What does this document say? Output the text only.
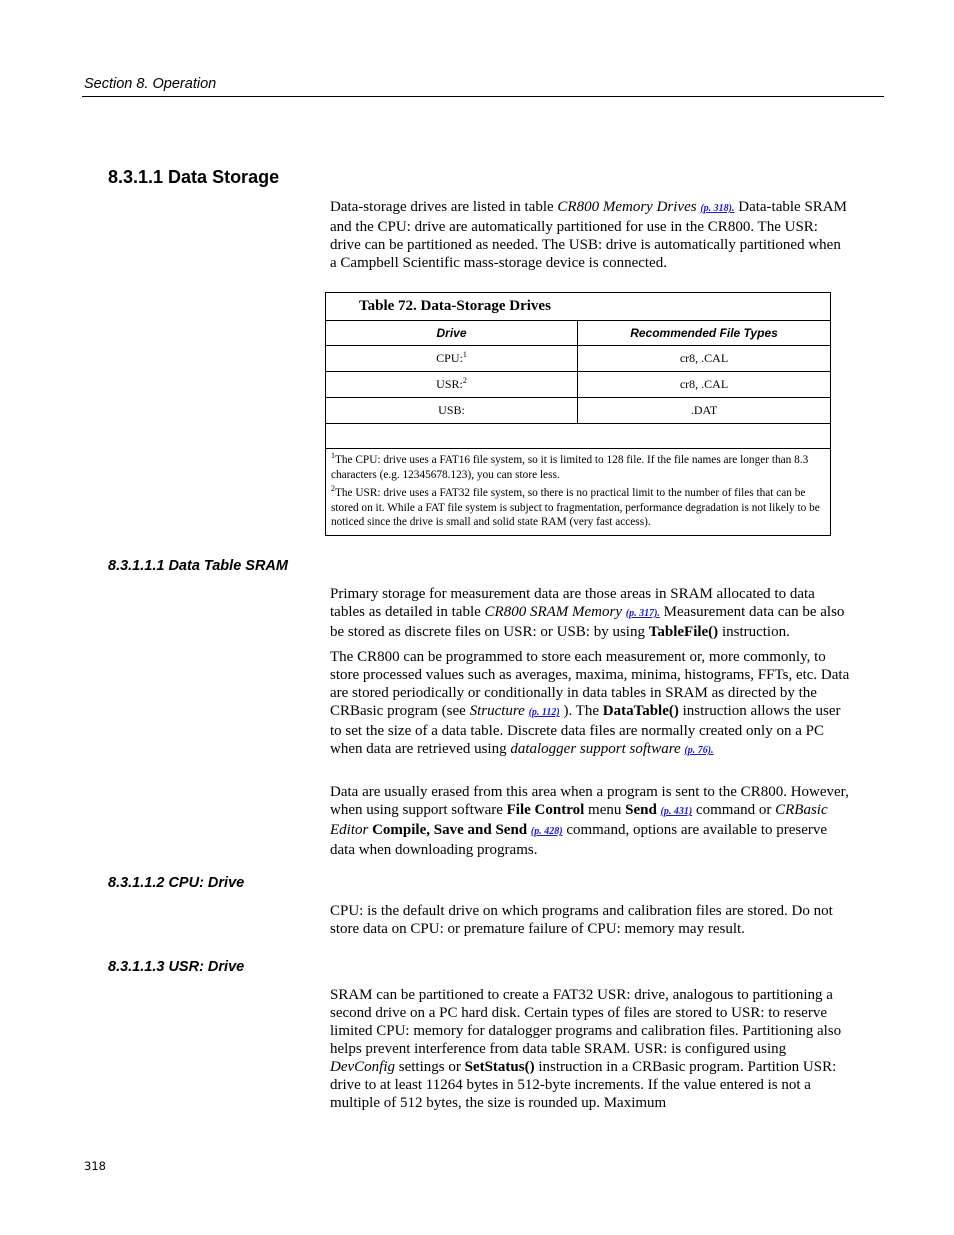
Section 8. Operation
8.3.1.1 Data Storage

Data-storage drives are listed in table CR800 Memory Drives (p. 318). Data-table SRAM and the CPU: drive are automatically partitioned for use in the CR800. The USR: drive can be partitioned as needed. The USB: drive is automatically partitioned when a Campbell Scientific mass-storage device is connected.

Table 72. Data-Storage Drives	
Drive	Recommended File Types
CPU:$^1$	cr8, .CAL
USR:$^2$	cr8, .CAL
USB:	.DAT

$^1$The CPU: drive uses a FAT16 file system, so it is limited to 128 file. If the file names are longer than 8.3 characters (e.g. 12345678.123), you can store less.

$^2$The USR: drive uses a FAT32 file system, so there is no practical limit to the number of files that can be stored on it. While a FAT file system is subject to fragmentation, performance degradation is not likely to be noticed since the drive is small and solid state RAM (very fast access).	

8.3.1.1.1 Data Table SRAM

Primary storage for measurement data are those areas in SRAM allocated to data tables as detailed in table CR800 SRAM Memory (p. 317). Measurement data can be also be stored as discrete files on USR: or USB: by using TableFile() instruction.

The CR800 can be programmed to store each measurement or, more commonly, to store processed values such as averages, maxima, minima, histograms, FFTs, etc. Data are stored periodically or conditionally in data tables in SRAM as directed by the CRBasic program (see Structure (p. 112) ). The DataTable() instruction allows the user to set the size of a data table. Discrete data files are normally created only on a PC when data are retrieved using datalogger support software (p. 76).

Data are usually erased from this area when a program is sent to the CR800. However, when using support software File Control menu Send (p. 431) command or CRBasic Editor Compile, Save and Send (p. 428) command, options are available to preserve data when downloading programs.

8.3.1.1.2 CPU: Drive

CPU: is the default drive on which programs and calibration files are stored. Do not store data on CPU: or premature failure of CPU: memory may result.

8.3.1.1.3 USR: Drive

SRAM can be partitioned to create a FAT32 USR: drive, analogous to partitioning a second drive on a PC hard disk. Certain types of files are stored to USR: to reserve limited CPU: memory for datalogger programs and calibration files. Partitioning also helps prevent interference from data table SRAM. USR: is configured using DevConfig settings or SetStatus() instruction in a CRBasic program. Partition USR: drive to at least 11264 bytes in 512-byte increments. If the value entered is not a multiple of 512 bytes, the size is rounded up. Maximum

318
